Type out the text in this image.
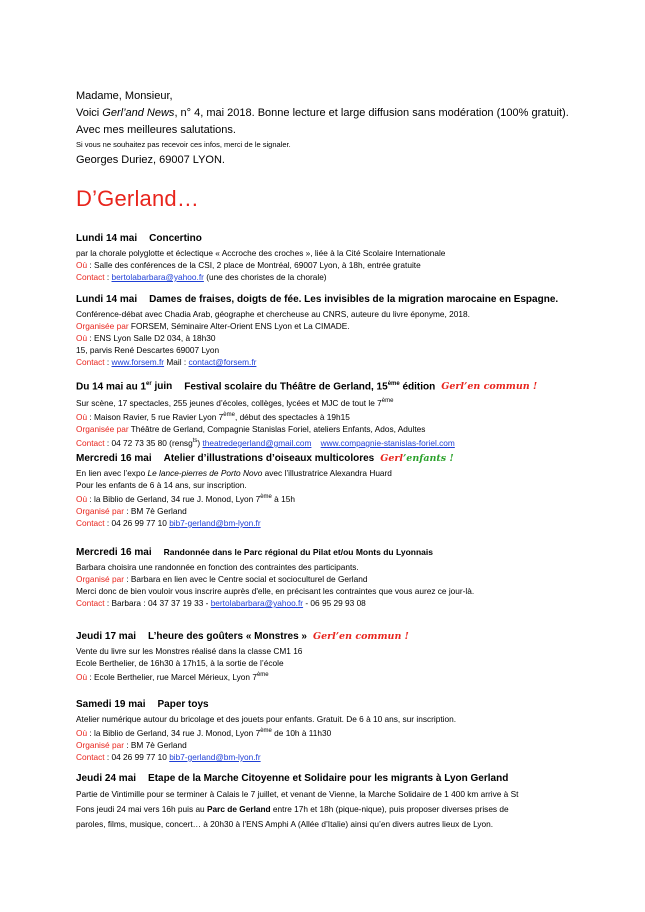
Madame, Monsieur,
Voici Gerl’and News, n° 4, mai 2018. Bonne lecture et large diffusion sans modération (100% gratuit).
Avec mes meilleures salutations.
Si vous ne souhaitez pas recevoir ces infos, merci de le signaler.
Georges Duriez, 69007 LYON.
D’Gerland…
Lundi 14 mai Concertino
par la chorale polyglotte et éclectique « Accroche des croches », liée à la Cité Scolaire Internationale
Où : Salle des conférences de la CSI, 2 place de Montréal, 69007 Lyon, à 18h, entrée gratuite
Contact : bertolabarbara@yahoo.fr (une des choristes de la chorale)
Lundi 14 mai Dames de fraises, doigts de fée. Les invisibles de la migration marocaine en Espagne.
Conférence-débat avec Chadia Arab, géographe et chercheuse au CNRS, auteure du livre éponyme, 2018.
Organisée par FORSEM, Séminaire Alter-Orient ENS Lyon et La CIMADE.
Où : ENS Lyon Salle D2 034, à 18h30
15, parvis René Descartes 69007 Lyon
Contact : www.forsem.fr Mail : contact@forsem.fr
Du 14 mai au 1er juin Festival scolaire du Théâtre de Gerland, 15ème édition Gerl’en commun !
Sur scène, 17 spectacles, 255 jeunes d’écoles, collèges, lycées et MJC de tout le 7ème
Où : Maison Ravier, 5 rue Ravier Lyon 7ème, début des spectacles à 19h15
Organisée par Théâtre de Gerland, Compagnie Stanislas Foriel, ateliers Enfants, Ados, Adultes
Contact : 04 72 73 35 80 (rensg$^{ts}$) theatredegerland@gmail.com www.compagnie-stanislas-foriel.com
Mercredi 16 mai Atelier d’illustrations d’oiseaux multicolores Gerl’enfants !
En lien avec l’expo Le lance-pierres de Porto Novo avec l’illustratrice Alexandra Huard
Pour les enfants de 6 à 14 ans, sur inscription.
Où : la Biblio de Gerland, 34 rue J. Monod, Lyon 7ème à 15h
Organisé par : BM 7è Gerland
Contact : 04 26 99 77 10 bib7-gerland@bm-lyon.fr
Mercredi 16 mai Randonnée dans le Parc régional du Pilat et/ou Monts du Lyonnais
Barbara choisira une randonnée en fonction des contraintes des participants.
Organisé par : Barbara en lien avec le Centre social et socioculturel de Gerland
Merci donc de bien vouloir vous inscrire auprès d'elle, en précisant les contraintes que vous aurez ce jour-là.
Contact : Barbara : 04 37 37 19 33 - bertolabarbara@yahoo.fr - 06 95 29 93 08
Jeudi 17 mai L’heure des goûters « Monstres » Gerl’en commun !
Vente du livre sur les Monstres réalisé dans la classe CM1 16
Ecole Berthelier, de 16h30 à 17h15, à la sortie de l’école
Où : Ecole Berthelier, rue Marcel Mérieux, Lyon 7ème
Samedi 19 mai Paper toys
Atelier numérique autour du bricolage et des jouets pour enfants. Gratuit. De 6 à 10 ans, sur inscription.
Où : la Biblio de Gerland, 34 rue J. Monod, Lyon 7ème de 10h à 11h30
Organisé par : BM 7è Gerland
Contact : 04 26 99 77 10 bib7-gerland@bm-lyon.fr
Jeudi 24 mai Etape de la Marche Citoyenne et Solidaire pour les migrants à Lyon Gerland
Partie de Vintimille pour se terminer à Calais le 7 juillet, et venant de Vienne, la Marche Solidaire de 1 400 km arrive à St
Fons jeudi 24 mai vers 16h puis au Parc de Gerland entre 17h et 18h (pique-nique), puis proposer diverses prises de
paroles, films, musique, concert… à 20h30 à l’ENS Amphi A (Allée d’Italie) ainsi qu’en divers autres lieux de Lyon.
